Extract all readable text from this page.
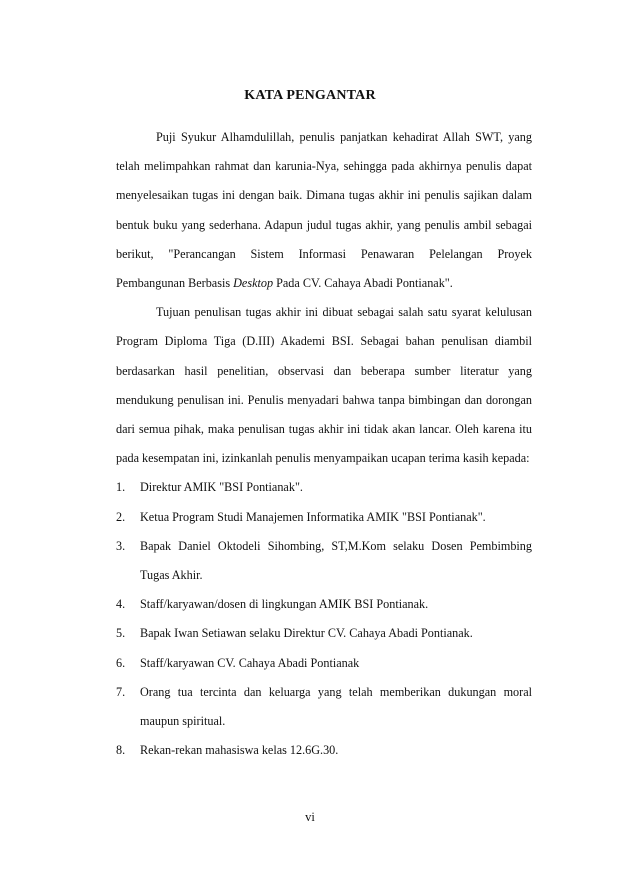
KATA PENGANTAR

Puji Syukur Alhamdulillah, penulis panjatkan kehadirat Allah SWT, yang telah melimpahkan rahmat dan karunia-Nya, sehingga pada akhirnya penulis dapat menyelesaikan tugas ini dengan baik. Dimana tugas akhir ini penulis sajikan dalam bentuk buku yang sederhana. Adapun judul tugas akhir, yang penulis ambil sebagai berikut, "Perancangan Sistem Informasi Penawaran Pelelangan Proyek Pembangunan Berbasis Desktop Pada CV. Cahaya Abadi Pontianak".

Tujuan penulisan tugas akhir ini dibuat sebagai salah satu syarat kelulusan Program Diploma Tiga (D.III) Akademi BSI. Sebagai bahan penulisan diambil berdasarkan hasil penelitian, observasi dan beberapa sumber literatur yang mendukung penulisan ini. Penulis menyadari bahwa tanpa bimbingan dan dorongan dari semua pihak, maka penulisan tugas akhir ini tidak akan lancar. Oleh karena itu pada kesempatan ini, izinkanlah penulis menyampaikan ucapan terima kasih kepada:

1. Direktur AMIK "BSI Pontianak".
2. Ketua Program Studi Manajemen Informatika AMIK "BSI Pontianak".
3. Bapak Daniel Oktodeli Sihombing, ST,M.Kom selaku Dosen Pembimbing Tugas Akhir.
4. Staff/karyawan/dosen di lingkungan AMIK BSI Pontianak.
5. Bapak Iwan Setiawan selaku Direktur CV. Cahaya Abadi Pontianak.
6. Staff/karyawan CV. Cahaya Abadi Pontianak
7. Orang tua tercinta dan keluarga yang telah memberikan dukungan moral maupun spiritual.
8. Rekan-rekan mahasiswa kelas 12.6G.30.
vi
